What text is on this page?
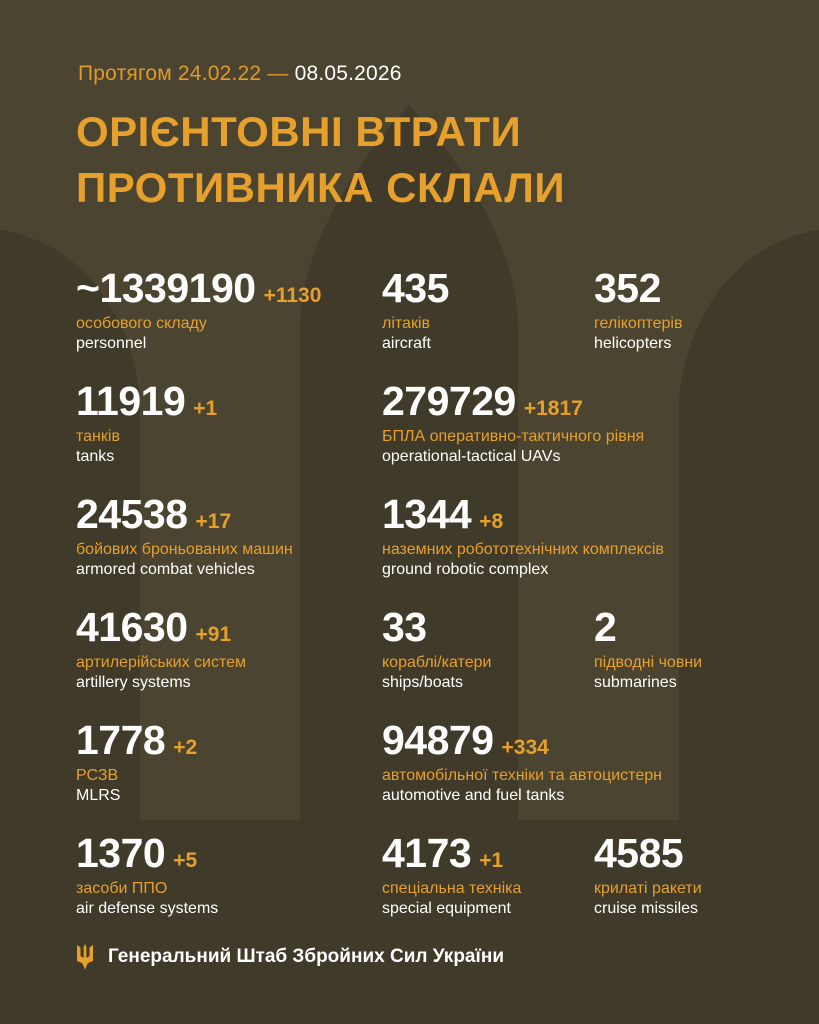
Протягом 24.02.22 — 08.05.2026
ОРІЄНТОВНІ ВТРАТИ
ПРОТИВНИКА СКЛАЛИ
~1339190 +1130
особового складу
personnel
435
літаків
aircraft
352
гелікоптерів
helicopters
11919 +1
танків
tanks
279729 +1817
БПЛА оперативно-тактичного рівня
operational-tactical UAVs
24538 +17
бойових броньованих машин
armored combat vehicles
1344 +8
наземних робототехнічних комплексів
ground robotic complex
41630 +91
артилерійських систем
artillery systems
33
кораблі/катери
ships/boats
2
підводні човни
submarines
1778 +2
РСЗВ
MLRS
94879 +334
автомобільної техніки та автоцистерн
automotive and fuel tanks
1370 +5
засоби ППО
air defense systems
4173 +1
спеціальна техніка
special equipment
4585
крилаті ракети
cruise missiles
Генеральний Штаб Збройних Сил України
